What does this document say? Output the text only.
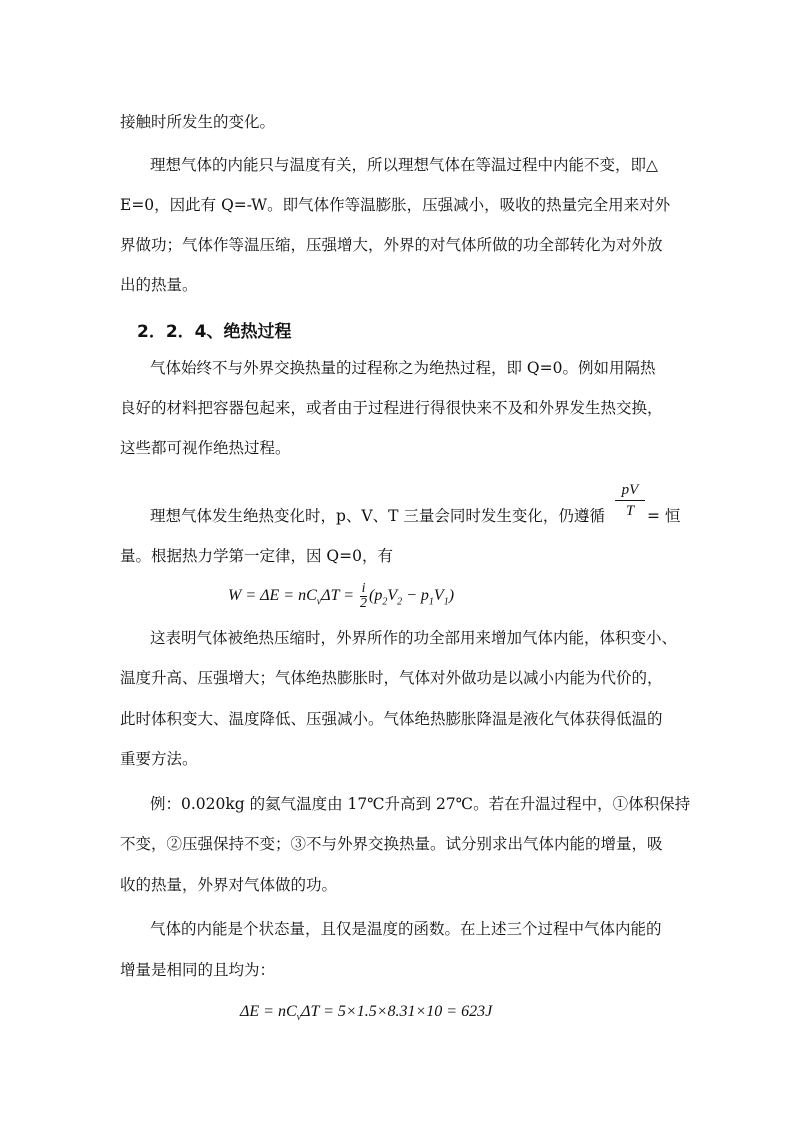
接触时所发生的变化。
理想气体的内能只与温度有关，所以理想气体在等温过程中内能不变，即△
E=0，因此有 Q=-W。即气体作等温膨胀，压强减小，吸收的热量完全用来对外
界做功；气体作等温压缩，压强增大，外界的对气体所做的功全部转化为对外放
出的热量。
2．2．4、绝热过程
气体始终不与外界交换热量的过程称之为绝热过程，即 Q=0。例如用隔热
良好的材料把容器包起来，或者由于过程进行得很快来不及和外界发生热交换，
这些都可视作绝热过程。
理想气体发生绝热变化时，p、V、T 三量会同时发生变化，仍遵循
pV
T = 恒
量。根据热力学第一定律，因 Q=0，有
$W = \Delta E = nC_v\Delta T = \frac{i}{2} (p_2V_2 - p_1V_1)$
这表明气体被绝热压缩时，外界所作的功全部用来增加气体内能，体积变小、
温度升高、压强增大；气体绝热膨胀时，气体对外做功是以减小内能为代价的，
此时体积变大、温度降低、压强减小。气体绝热膨胀降温是液化气体获得低温的
重要方法。
例：0.020kg 的氦气温度由 17℃升高到 27℃。若在升温过程中，①体积保持
不变，②压强保持不变；③不与外界交换热量。试分别求出气体内能的增量，吸
收的热量，外界对气体做的功。
气体的内能是个状态量，且仅是温度的函数。在上述三个过程中气体内能的
增量是相同的且均为：
$\Delta E = nC_v\Delta T = 5\times 1.5\times 8.31\times 10 = 623J$
